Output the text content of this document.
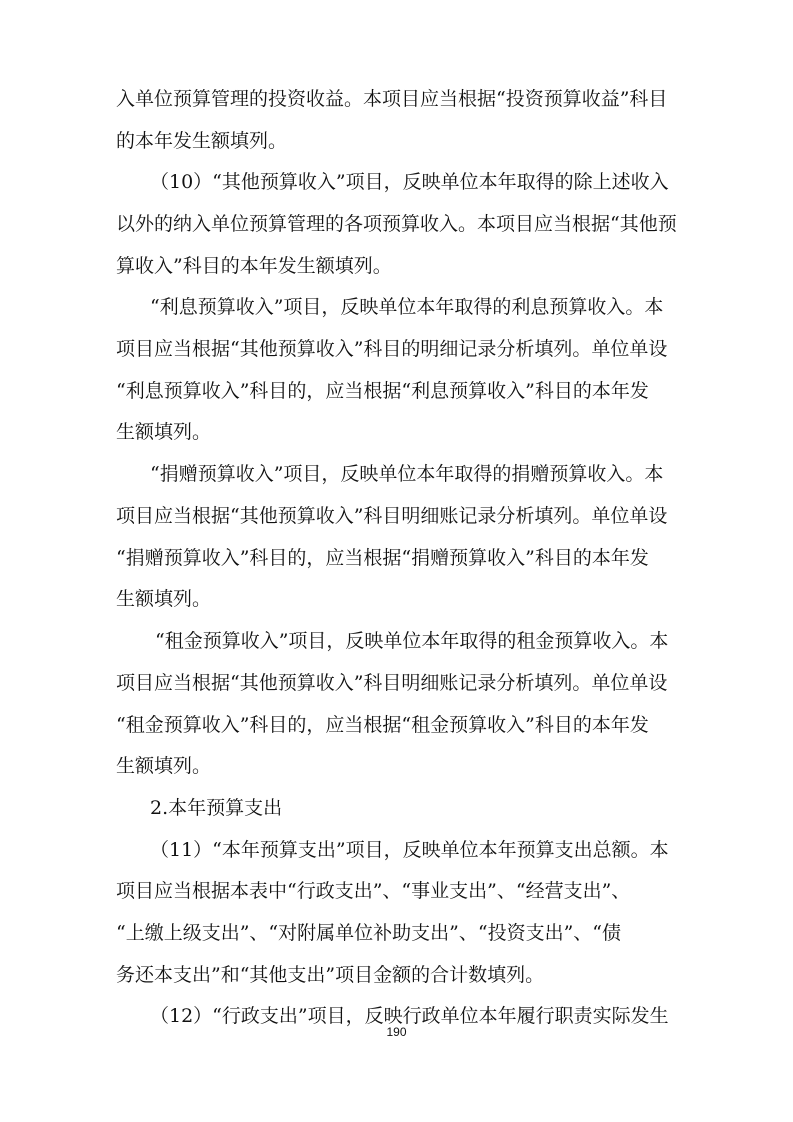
入单位预算管理的投资收益。本项目应当根据“投资预算收益”科目
的本年发生额填列。
（10）“其他预算收入”项目，反映单位本年取得的除上述收入
以外的纳入单位预算管理的各项预算收入。本项目应当根据“其他预
算收入”科目的本年发生额填列。
“利息预算收入”项目，反映单位本年取得的利息预算收入。本
项目应当根据“其他预算收入”科目的明细记录分析填列。单位单设
“利息预算收入”科目的，应当根据“利息预算收入”科目的本年发
生额填列。
“捐赠预算收入”项目，反映单位本年取得的捐赠预算收入。本
项目应当根据“其他预算收入”科目明细账记录分析填列。单位单设
“捐赠预算收入”科目的，应当根据“捐赠预算收入”科目的本年发
生额填列。
“租金预算收入”项目，反映单位本年取得的租金预算收入。本
项目应当根据“其他预算收入”科目明细账记录分析填列。单位单设
“租金预算收入”科目的，应当根据“租金预算收入”科目的本年发
生额填列。
2.本年预算支出
（11）“本年预算支出”项目，反映单位本年预算支出总额。本
项目应当根据本表中“行政支出”、“事业支出”、“经营支出”、
“上缴上级支出”、“对附属单位补助支出”、“投资支出”、“债
务还本支出”和“其他支出”项目金额的合计数填列。
（12）“行政支出”项目，反映行政单位本年履行职责实际发生
190
